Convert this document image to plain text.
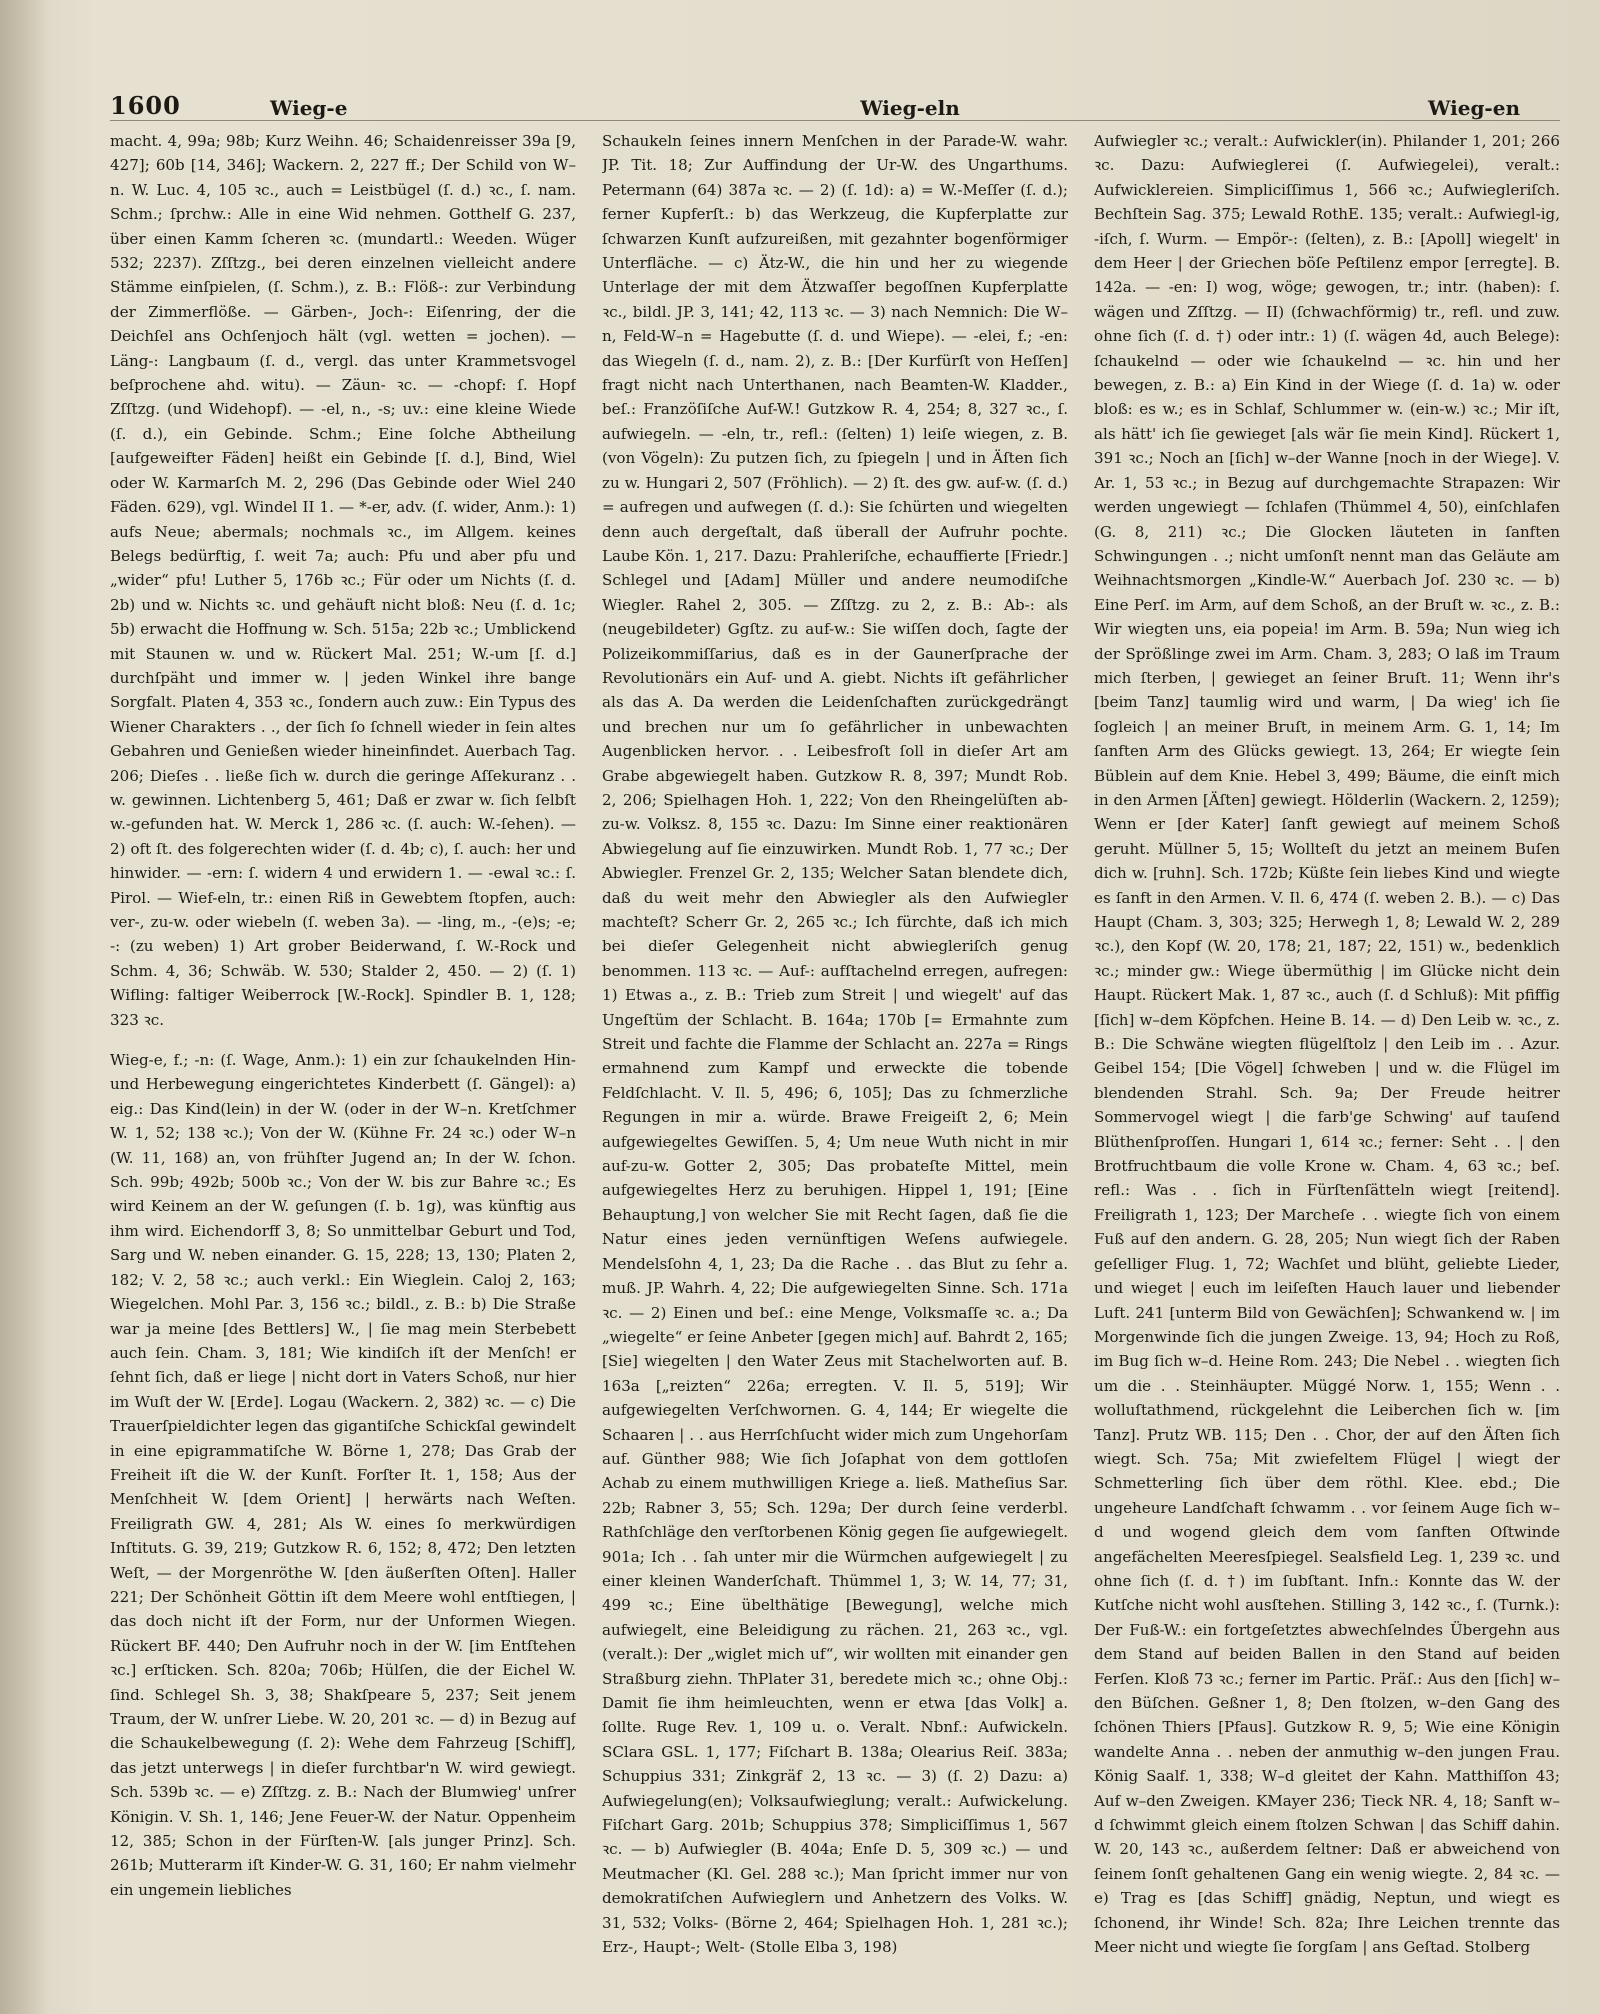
1600	Wieg-e	Wieg-eln	Wieg-en

macht. 4, 99a; 98b; Kurz Weihn. 46; Schaidenreisser 39a [9, 427]; 60b [14, 346]; Wackern. 2, 227 ff.; Der Schild von W–n. W. Luc. 4, 105 ꝛc., auch = Leistbügel (ſ. d.) ꝛc., ſ. nam. Schm.; ſprchw.: Alle in eine Wid nehmen. Gotthelf G. 237, über einen Kamm ſcheren ꝛc. (mundartl.: Weeden. Wüger 532; 2237). Zſſtzg., bei deren einzelnen vielleicht andere Stämme einſpielen, (ſ. Schm.), z. B.: Flöß-: zur Verbindung der Zimmerflöße. — Gärben-, Joch-: Eiſenring, der die Deichſel ans Ochſenjoch hält (vgl. wetten = jochen). — Läng-: Langbaum (ſ. d., vergl. das unter Krammetsvogel beſprochene ahd. witu). — Zäun- ꝛc. — -chopf: ſ. Hopf Zſſtzg. (und Widehopf). — -el, n., -s; uv.: eine kleine Wiede (ſ. d.), ein Gebinde. Schm.; Eine ſolche Abtheilung [aufgeweifter Fäden] heißt ein Gebinde [ſ. d.], Bind, Wiel oder W. Karmarſch M. 2, 296 (Das Gebinde oder Wiel 240 Fäden. 629), vgl. Windel II 1. — *-er, adv. (ſ. wider, Anm.): 1) aufs Neue; abermals; nochmals ꝛc., im Allgem. keines Belegs bedürftig, ſ. weit 7a; auch: Pfu und aber pfu und „wider“ pfu! Luther 5, 176b ꝛc.; Für oder um Nichts (ſ. d. 2b) und w. Nichts ꝛc. und gehäuft nicht bloß: Neu (ſ. d. 1c; 5b) erwacht die Hoffnung w. Sch. 515a; 22b ꝛc.; Umblickend mit Staunen w. und w. Rückert Mal. 251; W.-um [ſ. d.] durchſpäht und immer w. | jeden Winkel ihre bange Sorgfalt. Platen 4, 353 ꝛc., ſondern auch zuw.: Ein Typus des Wiener Charakters . ., der ſich ſo ſchnell wieder in ſein altes Gebahren und Genießen wieder hineinfindet. Auerbach Tag. 206; Dieſes . . ließe ſich w. durch die geringe Aſſekuranz . . w. gewinnen. Lichtenberg 5, 461; Daß er zwar w. ſich ſelbſt w.-gefunden hat. W. Merck 1, 286 ꝛc. (ſ. auch: W.-ſehen). — 2) oft ſt. des folgerechten wider (ſ. d. 4b; c), ſ. auch: her und hinwider. — -ern: ſ. widern 4 und erwidern 1. — -ewal ꝛc.: ſ. Pirol. — Wief-eln, tr.: einen Riß in Gewebtem ſtopfen, auch: ver-, zu-w. oder wiebeln (ſ. weben 3a). — -ling, m., -(e)s; -e; -: (zu weben) 1) Art grober Beiderwand, ſ. W.-Rock und Schm. 4, 36; Schwäb. W. 530; Stalder 2, 450. — 2) (ſ. 1) Wifling: faltiger Weiberrock [W.-Rock]. Spindler B. 1, 128; 323 ꝛc.

Wieg-e, f.; -n: (ſ. Wage, Anm.): 1) ein zur ſchaukelnden Hin- und Herbewegung eingerichtetes Kinderbett (ſ. Gängel): a) eig.: Das Kind(lein) in der W. (oder in der W–n. Kretſchmer W. 1, 52; 138 ꝛc.); Von der W. (Kühne Fr. 24 ꝛc.) oder W–n (W. 11, 168) an, von frühſter Jugend an; In der W. ſchon. Sch. 99b; 492b; 500b ꝛc.; Von der W. bis zur Bahre ꝛc.; Es wird Keinem an der W. geſungen (ſ. b. 1g), was künftig aus ihm wird. Eichendorff 3, 8; So unmittelbar Geburt und Tod, Sarg und W. neben einander. G. 15, 228; 13, 130; Platen 2, 182; V. 2, 58 ꝛc.; auch verkl.: Ein Wieglein. Caloj 2, 163; Wiegelchen. Mohl Par. 3, 156 ꝛc.; bildl., z. B.: b) Die Straße war ja meine [des Bettlers] W., | ſie mag mein Sterbebett auch ſein. Cham. 3, 181; Wie kindiſch iſt der Menſch! er ſehnt ſich, daß er liege | nicht dort in Vaters Schoß, nur hier im Wuſt der W. [Erde]. Logau (Wackern. 2, 382) ꝛc. — c) Die Trauerſpieldichter legen das gigantiſche Schickſal gewindelt in eine epigrammatiſche W. Börne 1, 278; Das Grab der Freiheit iſt die W. der Kunſt. Forſter It. 1, 158; Aus der Menſchheit W. [dem Orient] | herwärts nach Weſten. Freiligrath GW. 4, 281; Als W. eines ſo merkwürdigen Inſtituts. G. 39, 219; Gutzkow R. 6, 152; 8, 472; Den letzten Weſt, — der Morgenröthe W. [den äußerſten Oſten]. Haller 221; Der Schönheit Göttin iſt dem Meere wohl entſtiegen, | das doch nicht iſt der Form, nur der Unformen Wiegen. Rückert BF. 440; Den Aufruhr noch in der W. [im Entſtehen ꝛc.] erſticken. Sch. 820a; 706b; Hülſen, die der Eichel W. ſind. Schlegel Sh. 3, 38; Shakſpeare 5, 237; Seit jenem Traum, der W. unſrer Liebe. W. 20, 201 ꝛc. — d) in Bezug auf die Schaukelbewegung (ſ. 2): Wehe dem Fahrzeug [Schiff], das jetzt unterwegs | in dieſer furchtbar'n W. wird gewiegt. Sch. 539b ꝛc. — e) Zſſtzg. z. B.: Nach der Blumwieg' unſrer Königin. V. Sh. 1, 146; Jene Feuer-W. der Natur. Oppenheim 12, 385; Schon in der Fürſten-W. [als junger Prinz]. Sch. 261b; Mutterarm iſt Kinder-W. G. 31, 160; Er nahm vielmehr ein ungemein liebliches

Schaukeln ſeines innern Menſchen in der Parade-W. wahr. JP. Tit. 18; Zur Auffindung der Ur-W. des Ungarthums. Petermann (64) 387a ꝛc. — 2) (ſ. 1d): a) = W.-Meſſer (ſ. d.); ferner Kupferſt.: b) das Werkzeug, die Kupferplatte zur ſchwarzen Kunſt aufzureißen, mit gezahnter bogenförmiger Unterfläche. — c) Ätz-W., die hin und her zu wiegende Unterlage der mit dem Ätzwaſſer begoſſnen Kupferplatte ꝛc., bildl. JP. 3, 141; 42, 113 ꝛc. — 3) nach Nemnich: Die W–n, Feld-W–n = Hagebutte (ſ. d. und Wiepe). — -elei, f.; -en: das Wiegeln (ſ. d., nam. 2), z. B.: [Der Kurfürſt von Heſſen] fragt nicht nach Unterthanen, nach Beamten-W. Kladder., beſ.: Franzöſiſche Auf-W.! Gutzkow R. 4, 254; 8, 327 ꝛc., ſ. aufwiegeln. — -eln, tr., refl.: (ſelten) 1) leiſe wiegen, z. B. (von Vögeln): Zu putzen ſich, zu ſpiegeln | und in Äſten ſich zu w. Hungari 2, 507 (Fröhlich). — 2) ſt. des gw. auf-w. (ſ. d.) = aufregen und aufwegen (ſ. d.): Sie ſchürten und wiegelten denn auch dergeſtalt, daß überall der Aufruhr pochte. Laube Kön. 1, 217. Dazu: Prahleriſche, echauffierte [Friedr.] Schlegel und [Adam] Müller und andere neumodiſche Wiegler. Rahel 2, 305. — Zſſtzg. zu 2, z. B.: Ab-: als (neugebildeter) Ggſtz. zu auf-w.: Sie wiſſen doch, ſagte der Polizeikommiſſarius, daß es in der Gaunerſprache der Revolutionärs ein Auf- und A. giebt. Nichts iſt gefährlicher als das A. Da werden die Leidenſchaften zurückgedrängt und brechen nur um ſo gefährlicher in unbewachten Augenblicken hervor. . . Leibesfroſt ſoll in dieſer Art am Grabe abgewiegelt haben. Gutzkow R. 8, 397; Mundt Rob. 2, 206; Spielhagen Hoh. 1, 222; Von den Rheingelüſten ab-zu-w. Volksz. 8, 155 ꝛc. Dazu: Im Sinne einer reaktionären Abwiegelung auf ſie einzuwirken. Mundt Rob. 1, 77 ꝛc.; Der Abwiegler. Frenzel Gr. 2, 135; Welcher Satan blendete dich, daß du weit mehr den Abwiegler als den Aufwiegler machteſt? Scherr Gr. 2, 265 ꝛc.; Ich fürchte, daß ich mich bei dieſer Gelegenheit nicht abwiegleriſch genug benommen. 113 ꝛc. — Auf-: aufſtachelnd erregen, aufregen: 1) Etwas a., z. B.: Trieb zum Streit | und wiegelt' auf das Ungeſtüm der Schlacht. B. 164a; 170b [= Ermahnte zum Streit und fachte die Flamme der Schlacht an. 227a = Rings ermahnend zum Kampf und erweckte die tobende Feldſchlacht. V. Il. 5, 496; 6, 105]; Das zu ſchmerzliche Regungen in mir a. würde. Brawe Freigeiſt 2, 6; Mein aufgewiegeltes Gewiſſen. 5, 4; Um neue Wuth nicht in mir auf-zu-w. Gotter 2, 305; Das probateſte Mittel, mein aufgewiegeltes Herz zu beruhigen. Hippel 1, 191; [Eine Behauptung,] von welcher Sie mit Recht ſagen, daß ſie die Natur eines jeden vernünftigen Weſens aufwiegele. Mendelsſohn 4, 1, 23; Da die Rache . . das Blut zu ſehr a. muß. JP. Wahrh. 4, 22; Die aufgewiegelten Sinne. Sch. 171a ꝛc. — 2) Einen und beſ.: eine Menge, Volksmaſſe ꝛc. a.; Da „wiegelte“ er ſeine Anbeter [gegen mich] auf. Bahrdt 2, 165; [Sie] wiegelten | den Water Zeus mit Stachelworten auf. B. 163a [„reizten“ 226a; erregten. V. Il. 5, 519]; Wir aufgewiegelten Verſchwornen. G. 4, 144; Er wiegelte die Schaaren | . . aus Herrſchſucht wider mich zum Ungehorſam auf. Günther 988; Wie ſich Joſaphat von dem gottloſen Achab zu einem muthwilligen Kriege a. ließ. Matheſius Sar. 22b; Rabner 3, 55; Sch. 129a; Der durch ſeine verderbl. Rathſchläge den verſtorbenen König gegen ſie aufgewiegelt. 901a; Ich . . ſah unter mir die Würmchen aufgewiegelt | zu einer kleinen Wanderſchaft. Thümmel 1, 3; W. 14, 77; 31, 499 ꝛc.; Eine übelthätige [Bewegung], welche mich aufwiegelt, eine Beleidigung zu rächen. 21, 263 ꝛc., vgl. (veralt.): Der „wiglet mich uf“, wir wollten mit einander gen Straßburg ziehn. ThPlater 31, beredete mich ꝛc.; ohne Obj.: Damit ſie ihm heimleuchten, wenn er etwa [das Volk] a. ſollte. Ruge Rev. 1, 109 u. o. Veralt. Nbnf.: Aufwickeln. SClara GSL. 1, 177; Fiſchart B. 138a; Olearius Reiſ. 383a; Schuppius 331; Zinkgräf 2, 13 ꝛc. — 3) (ſ. 2) Dazu: a) Aufwiegelung(en); Volksaufwieglung; veralt.: Aufwickelung. Fiſchart Garg. 201b; Schuppius 378; Simpliciſſimus 1, 567 ꝛc. — b) Aufwiegler (B. 404a; Enſe D. 5, 309 ꝛc.) — und Meutmacher (Kl. Gel. 288 ꝛc.); Man ſpricht immer nur von demokratiſchen Aufwieglern und Anhetzern des Volks. W. 31, 532; Volks- (Börne 2, 464; Spielhagen Hoh. 1, 281 ꝛc.); Erz-, Haupt-; Welt- (Stolle Elba 3, 198)

Aufwiegler ꝛc.; veralt.: Aufwickler(in). Philander 1, 201; 266 ꝛc. Dazu: Aufwieglerei (ſ. Aufwiegelei), veralt.: Aufwicklereien. Simpliciſſimus 1, 566 ꝛc.; Aufwiegleriſch. Bechſtein Sag. 375; Lewald RothE. 135; veralt.: Aufwiegl-ig, -iſch, ſ. Wurm. — Empör-: (ſelten), z. B.: [Apoll] wiegelt' in dem Heer | der Griechen böſe Peſtilenz empor [erregte]. B. 142a. — -en: I) wog, wöge; gewogen, tr.; intr. (haben): ſ. wägen und Zſſtzg. — II) (ſchwachförmig) tr., refl. und zuw. ohne ſich (ſ. d. †) oder intr.: 1) (ſ. wägen 4d, auch Belege): ſchaukelnd — oder wie ſchaukelnd — ꝛc. hin und her bewegen, z. B.: a) Ein Kind in der Wiege (ſ. d. 1a) w. oder bloß: es w.; es in Schlaf, Schlummer w. (ein-w.) ꝛc.; Mir iſt, als hätt' ich ſie gewieget [als wär ſie mein Kind]. Rückert 1, 391 ꝛc.; Noch an [ſich] w–der Wanne [noch in der Wiege]. V. Ar. 1, 53 ꝛc.; in Bezug auf durchgemachte Strapazen: Wir werden ungewiegt — ſchlafen (Thümmel 4, 50), einſchlafen (G. 8, 211) ꝛc.; Die Glocken läuteten in ſanften Schwingungen . .; nicht umſonſt nennt man das Geläute am Weihnachtsmorgen „Kindle-W.“ Auerbach Joſ. 230 ꝛc. — b) Eine Perſ. im Arm, auf dem Schoß, an der Bruſt w. ꝛc., z. B.: Wir wiegten uns, eia popeia! im Arm. B. 59a; Nun wieg ich der Sprößlinge zwei im Arm. Cham. 3, 283; O laß im Traum mich ſterben, | gewieget an ſeiner Bruſt. 11; Wenn ihr's [beim Tanz] taumlig wird und warm, | Da wieg' ich ſie ſogleich | an meiner Bruſt, in meinem Arm. G. 1, 14; Im ſanften Arm des Glücks gewiegt. 13, 264; Er wiegte ſein Büblein auf dem Knie. Hebel 3, 499; Bäume, die einſt mich in den Armen [Äſten] gewiegt. Hölderlin (Wackern. 2, 1259); Wenn er [der Kater] ſanft gewiegt auf meinem Schoß geruht. Müllner 5, 15; Wollteſt du jetzt an meinem Buſen dich w. [ruhn]. Sch. 172b; Küßte ſein liebes Kind und wiegte es ſanft in den Armen. V. Il. 6, 474 (ſ. weben 2. B.). — c) Das Haupt (Cham. 3, 303; 325; Herwegh 1, 8; Lewald W. 2, 289 ꝛc.), den Kopf (W. 20, 178; 21, 187; 22, 151) w., bedenklich ꝛc.; minder gw.: Wiege übermüthig | im Glücke nicht dein Haupt. Rückert Mak. 1, 87 ꝛc., auch (ſ. d Schluß): Mit pfiffig [ſich] w–dem Köpfchen. Heine B. 14. — d) Den Leib w. ꝛc., z. B.: Die Schwäne wiegten flügelſtolz | den Leib im . . Azur. Geibel 154; [Die Vögel] ſchweben | und w. die Flügel im blendenden Strahl. Sch. 9a; Der Freude heitrer Sommervogel wiegt | die farb'ge Schwing' auf tauſend Blüthenſproſſen. Hungari 1, 614 ꝛc.; ferner: Seht . . | den Brotfruchtbaum die volle Krone w. Cham. 4, 63 ꝛc.; beſ. refl.: Was . . ſich in Fürſtenſätteln wiegt [reitend]. Freiligrath 1, 123; Der Marcheſe . . wiegte ſich von einem Fuß auf den andern. G. 28, 205; Nun wiegt ſich der Raben geſelliger Flug. 1, 72; Wachſet und blüht, geliebte Lieder, und wieget | euch im leiſeſten Hauch lauer und liebender Luft. 241 [unterm Bild von Gewächſen]; Schwankend w. | im Morgenwinde ſich die jungen Zweige. 13, 94; Hoch zu Roß, im Bug ſich w–d. Heine Rom. 243; Die Nebel . . wiegten ſich um die . . Steinhäupter. Müggé Norw. 1, 155; Wenn . . wolluſtathmend, rückgelehnt die Leiberchen ſich w. [im Tanz]. Prutz WB. 115; Den . . Chor, der auf den Äſten ſich wiegt. Sch. 75a; Mit zwiefeltem Flügel | wiegt der Schmetterling ſich über dem röthl. Klee. ebd.; Die ungeheure Landſchaft ſchwamm . . vor ſeinem Auge ſich w–d und wogend gleich dem vom ſanften Oſtwinde angefächelten Meeresſpiegel. Sealsfield Leg. 1, 239 ꝛc. und ohne ſich (ſ. d. †) im ſubſtant. Infn.: Konnte das W. der Kutſche nicht wohl ausſtehen. Stilling 3, 142 ꝛc., ſ. (Turnk.): Der Fuß-W.: ein fortgeſetztes abwechſelndes Übergehn aus dem Stand auf beiden Ballen in den Stand auf beiden Ferſen. Kloß 73 ꝛc.; ferner im Partic. Präſ.: Aus den [ſich] w–den Büſchen. Geßner 1, 8; Den ſtolzen, w–den Gang des ſchönen Thiers [Pfaus]. Gutzkow R. 9, 5; Wie eine Königin wandelte Anna . . neben der anmuthig w–den jungen Frau. König Saalf. 1, 338; W–d gleitet der Kahn. Matthiſſon 43; Auf w–den Zweigen. KMayer 236; Tieck NR. 4, 18; Sanft w–d ſchwimmt gleich einem ſtolzen Schwan | das Schiff dahin. W. 20, 143 ꝛc., außerdem ſeltner: Daß er abweichend von ſeinem ſonſt gehaltenen Gang ein wenig wiegte. 2, 84 ꝛc. — e) Trag es [das Schiff] gnädig, Neptun, und wiegt es ſchonend, ihr Winde! Sch. 82a; Ihre Leichen trennte das Meer nicht und wiegte ſie ſorgſam | ans Geſtad. Stolberg
